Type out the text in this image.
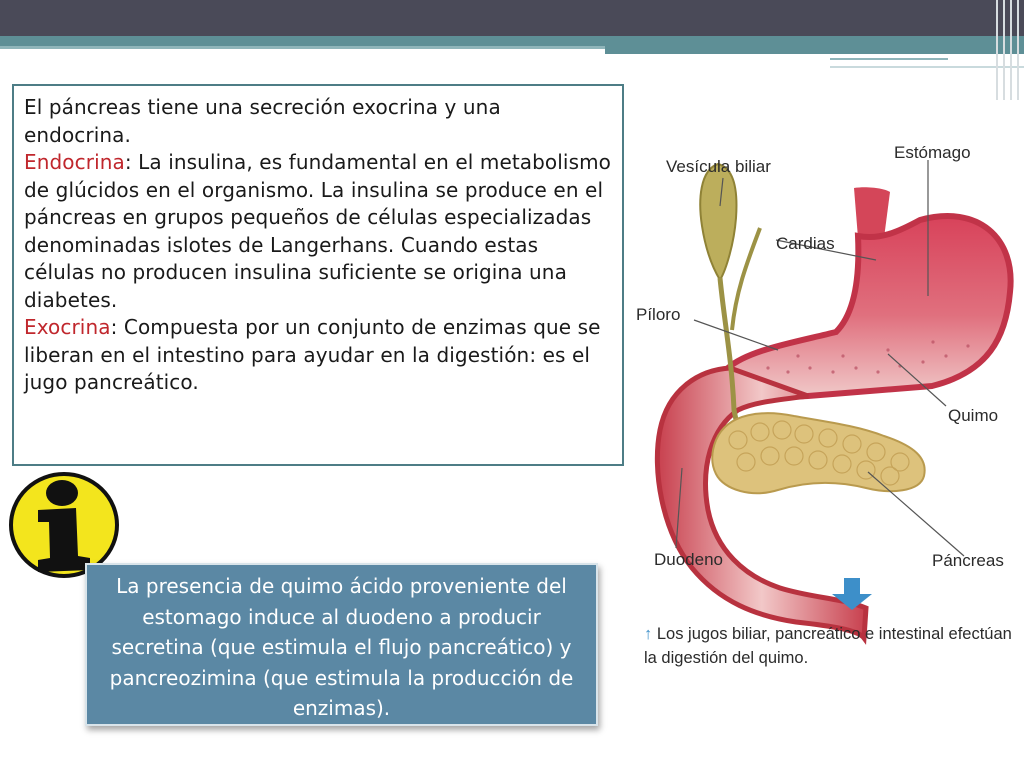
El páncreas tiene una secreción exocrina y una endocrina.
Endocrina: La insulina, es fundamental en el metabolismo de glúcidos en el organismo. La insulina se produce en el páncreas en grupos pequeños de células especializadas denominadas islotes de Langerhans. Cuando estas células no producen insulina suficiente se origina una diabetes.
Exocrina: Compuesta por un conjunto de enzimas que se liberan en el intestino para ayudar en la digestión: es el jugo pancreático.
La presencia de quimo ácido proveniente del estomago induce al duodeno a producir secretina (que estimula el flujo pancreático) y pancreozimina (que estimula la producción de enzimas).
Vesícula biliar
Estómago
Cardias
Píloro
Quimo
Duodeno	Páncreas
↑ Los jugos biliar, pancreático e intestinal efectúan la digestión del quimo.
